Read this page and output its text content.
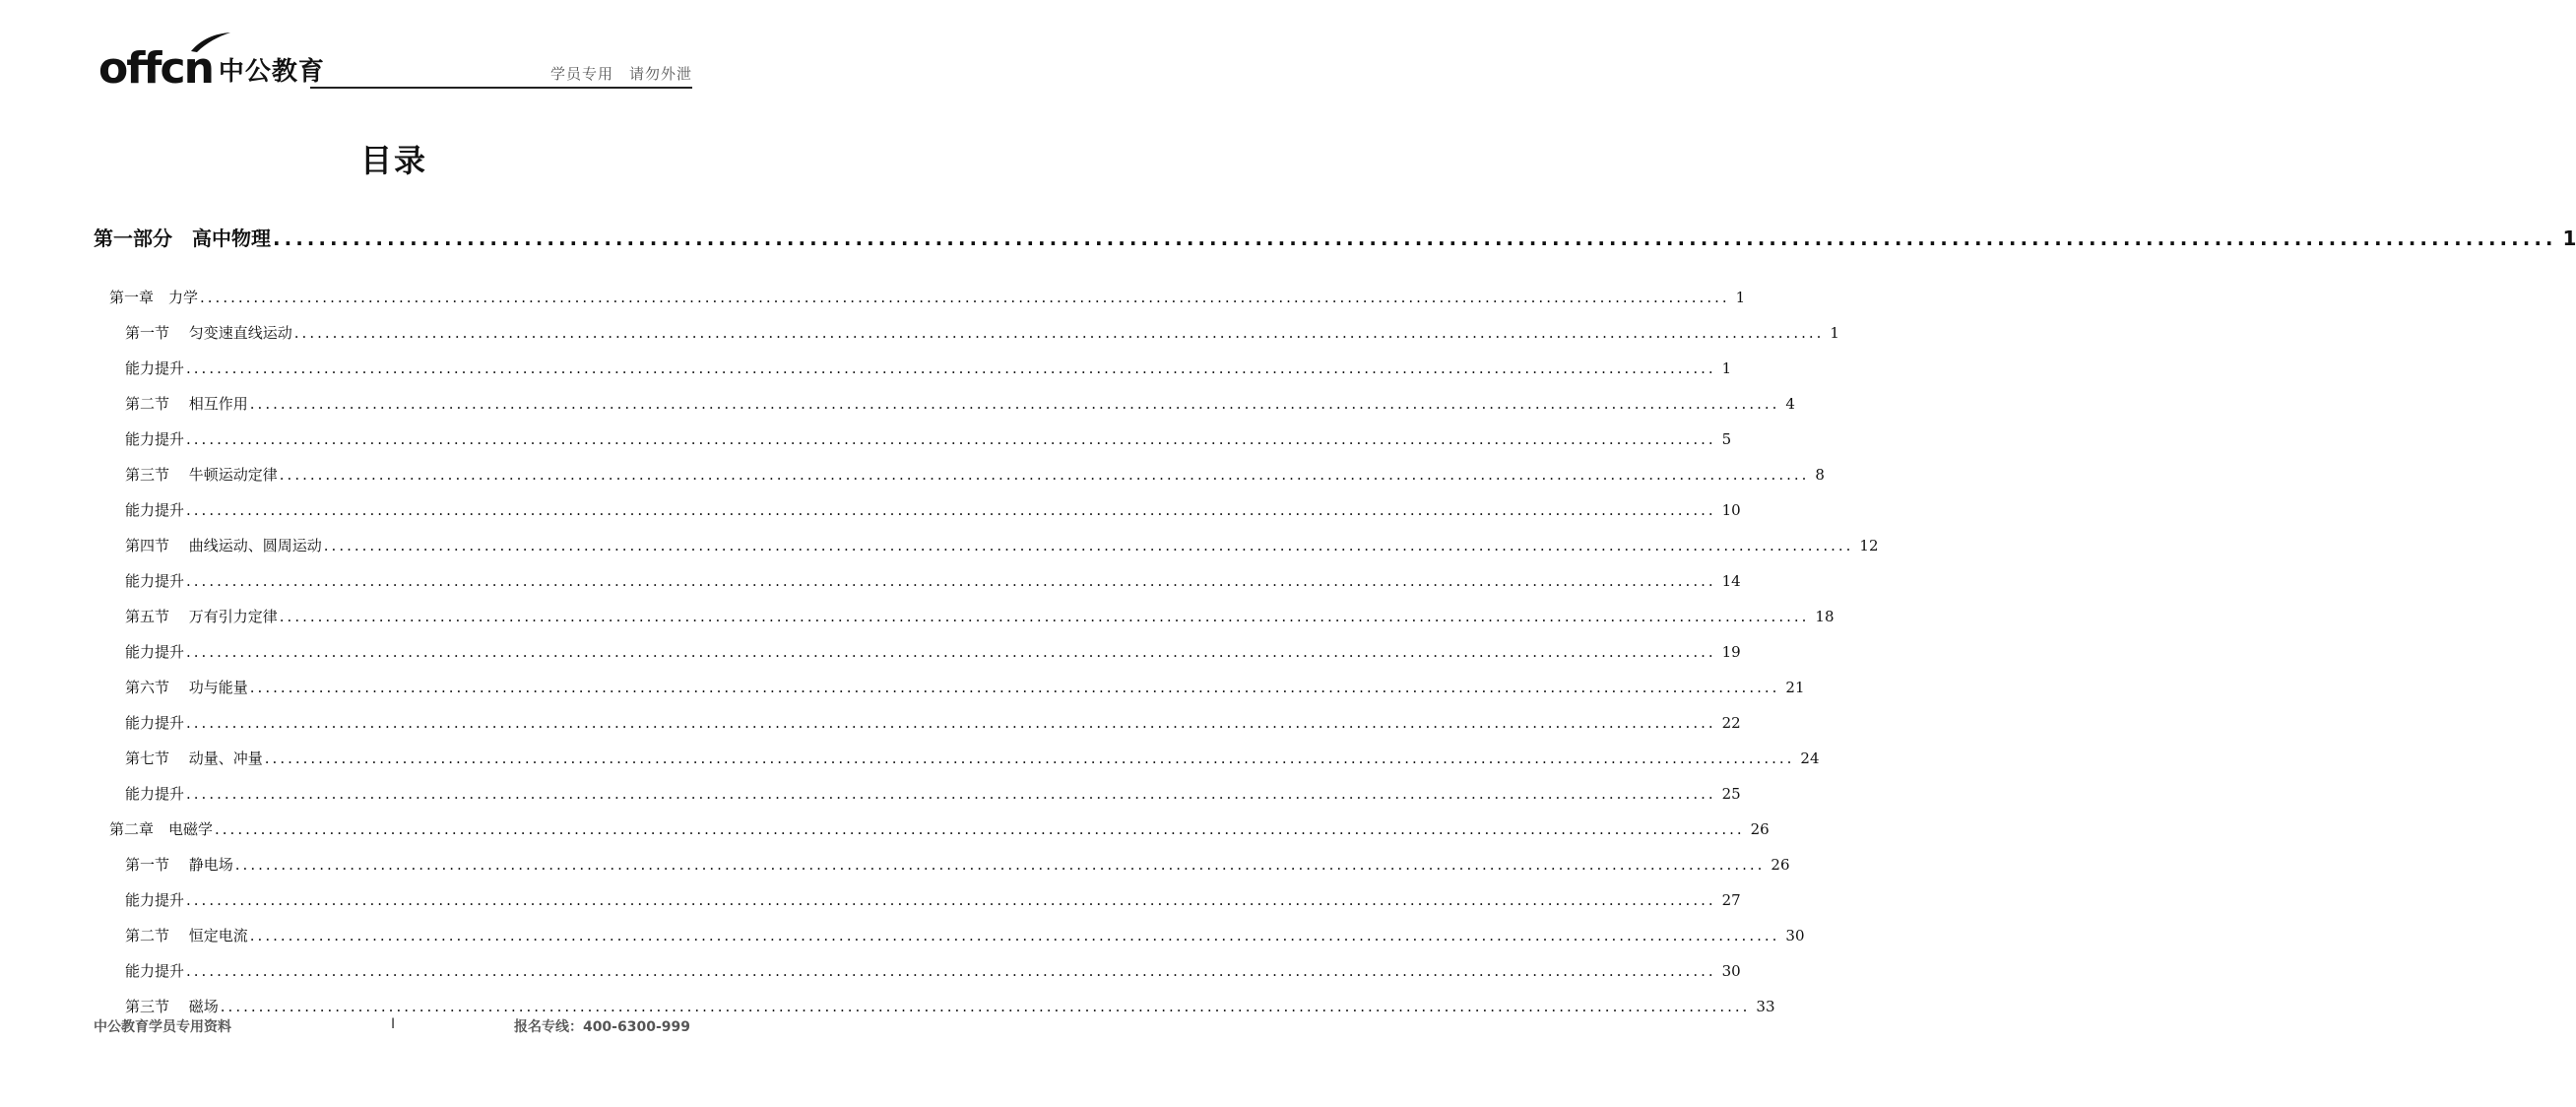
offcn 中公教育	学员专用 请勿外泄
目录
第一部分　高中物理 ........................................................................................................................................................................................................ 1
第一章　力学 ........................................................................................................................................................................................................ 1
第一节　 匀变速直线运动 ........................................................................................................................................................................................................ 1
能力提升 ........................................................................................................................................................................................................ 1
第二节　 相互作用 ........................................................................................................................................................................................................ 4
能力提升 ........................................................................................................................................................................................................ 5
第三节　 牛顿运动定律 ........................................................................................................................................................................................................ 8
能力提升 ........................................................................................................................................................................................................ 10
第四节　 曲线运动、圆周运动 ........................................................................................................................................................................................................ 12
能力提升 ........................................................................................................................................................................................................ 14
第五节　 万有引力定律 ........................................................................................................................................................................................................ 18
能力提升 ........................................................................................................................................................................................................ 19
第六节　 功与能量 ........................................................................................................................................................................................................ 21
能力提升 ........................................................................................................................................................................................................ 22
第七节　 动量、冲量 ........................................................................................................................................................................................................ 24
能力提升 ........................................................................................................................................................................................................ 25
第二章　电磁学 ........................................................................................................................................................................................................ 26
第一节　 静电场 ........................................................................................................................................................................................................ 26
能力提升 ........................................................................................................................................................................................................ 27
第二节　 恒定电流 ........................................................................................................................................................................................................ 30
能力提升 ........................................................................................................................................................................................................ 30
第三节　 磁场 ........................................................................................................................................................................................................ 33
中公教育学员专用资料	I	报名专线：400-6300-999
